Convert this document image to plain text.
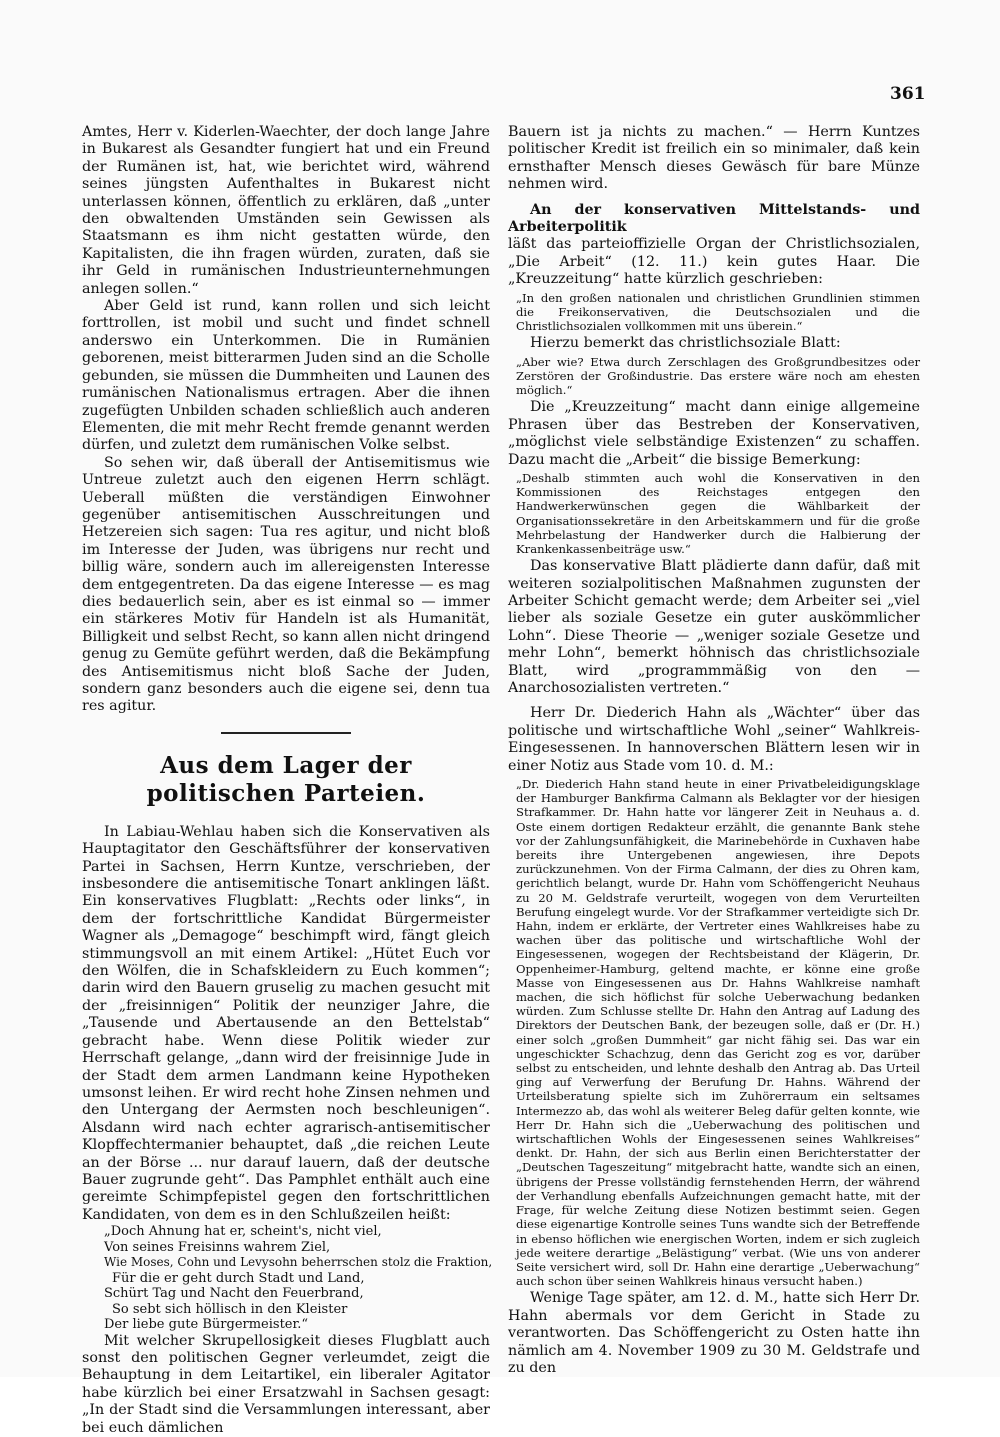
361

Amtes, Herr v. Kiderlen-Waechter, der doch lange Jahre in Bukarest als Gesandter fungiert hat und ein Freund der Rumänen ist, hat, wie berichtet wird, während seines jüngsten Aufenthaltes in Bukarest nicht unterlassen können, öffentlich zu erklären, daß „unter den obwaltenden Umständen sein Gewissen als Staatsmann es ihm nicht gestatten würde, den Kapitalisten, die ihn fragen würden, zuraten, daß sie ihr Geld in rumänischen Industrieunternehmungen anlegen sollen.“

Aber Geld ist rund, kann rollen und sich leicht forttrollen, ist mobil und sucht und findet schnell anderswo ein Unterkommen. Die in Rumänien geborenen, meist bitterarmen Juden sind an die Scholle gebunden, sie müssen die Dummheiten und Launen des rumänischen Nationalismus ertragen. Aber die ihnen zugefügten Unbilden schaden schließlich auch anderen Elementen, die mit mehr Recht fremde genannt werden dürfen, und zuletzt dem rumänischen Volke selbst.

So sehen wir, daß überall der Antisemitismus wie Untreue zuletzt auch den eigenen Herrn schlägt. Ueberall müßten die verständigen Einwohner gegenüber antisemitischen Ausschreitungen und Hetzereien sich sagen: Tua res agitur, und nicht bloß im Interesse der Juden, was übrigens nur recht und billig wäre, sondern auch im allereigensten Interesse dem entgegentreten. Da das eigene Interesse — es mag dies bedauerlich sein, aber es ist einmal so — immer ein stärkeres Motiv für Handeln ist als Humanität, Billigkeit und selbst Recht, so kann allen nicht dringend genug zu Gemüte geführt werden, daß die Bekämpfung des Antisemitismus nicht bloß Sache der Juden, sondern ganz besonders auch die eigene sei, denn tua res agitur.

Aus dem Lager der politischen Parteien.

In Labiau-Wehlau haben sich die Konservativen als Hauptagitator den Geschäftsführer der konservativen Partei in Sachsen, Herrn Kuntze, verschrieben, der insbesondere die antisemitische Tonart anklingen läßt. Ein konservatives Flugblatt: „Rechts oder links“, in dem der fortschrittliche Kandidat Bürgermeister Wagner als „Demagoge“ beschimpft wird, fängt gleich stimmungsvoll an mit einem Artikel: „Hütet Euch vor den Wölfen, die in Schafskleidern zu Euch kommen“; darin wird den Bauern gruselig zu machen gesucht mit der „freisinnigen“ Politik der neunziger Jahre, die „Tausende und Abertausende an den Bettelstab“ gebracht habe. Wenn diese Politik wieder zur Herrschaft gelange, „dann wird der freisinnige Jude in der Stadt dem armen Landmann keine Hypotheken umsonst leihen. Er wird recht hohe Zinsen nehmen und den Untergang der Aermsten noch beschleunigen“. Alsdann wird nach echter agrarisch-antisemitischer Klopffechtermanier behauptet, daß „die reichen Leute an der Börse ... nur darauf lauern, daß der deutsche Bauer zugrunde geht“. Das Pamphlet enthält auch eine gereimte Schimpfepistel gegen den fortschrittlichen Kandidaten, von dem es in den Schlußzeilen heißt:

„Doch Ahnung hat er, scheint's, nicht viel,
Von seines Freisinns wahrem Ziel,
Wie Moses, Cohn und Levysohn beherrschen stolz die Fraktion,
Für die er geht durch Stadt und Land,
Schürt Tag und Nacht den Feuerbrand,
So sebt sich höllisch in den Kleister
Der liebe gute Bürgermeister.“

Mit welcher Skrupellosigkeit dieses Flugblatt auch sonst den politischen Gegner verleumdet, zeigt die Behauptung in dem Leitartikel, ein liberaler Agitator habe kürzlich bei einer Ersatzwahl in Sachsen gesagt: „In der Stadt sind die Versammlungen interessant, aber bei euch dämlichen

Bauern ist ja nichts zu machen.“ — Herrn Kuntzes politischer Kredit ist freilich ein so minimaler, daß kein ernsthafter Mensch dieses Gewäsch für bare Münze nehmen wird.

An der konservativen Mittelstands- und Arbeiterpolitik

läßt das parteioffizielle Organ der Christlichsozialen, „Die Arbeit“ (12. 11.) kein gutes Haar. Die „Kreuzzeitung“ hatte kürzlich geschrieben:

„In den großen nationalen und christlichen Grundlinien stimmen die Freikonservativen, die Deutschsozialen und die Christlichsozialen vollkommen mit uns überein.“

Hierzu bemerkt das christlichsoziale Blatt:

„Aber wie? Etwa durch Zerschlagen des Großgrundbesitzes oder Zerstören der Großindustrie. Das erstere wäre noch am ehesten möglich.“

Die „Kreuzzeitung“ macht dann einige allgemeine Phrasen über das Bestreben der Konservativen, „möglichst viele selbständige Existenzen“ zu schaffen. Dazu macht die „Arbeit“ die bissige Bemerkung:

„Deshalb stimmten auch wohl die Konservativen in den Kommissionen des Reichstages entgegen den Handwerkerwünschen gegen die Wählbarkeit der Organisationssekretäre in den Arbeitskammern und für die große Mehrbelastung der Handwerker durch die Halbierung der Krankenkassenbeiträge usw.“

Das konservative Blatt plädierte dann dafür, daß mit weiteren sozialpolitischen Maßnahmen zugunsten der Arbeiter Schicht gemacht werde; dem Arbeiter sei „viel lieber als soziale Gesetze ein guter auskömmlicher Lohn“. Diese Theorie — „weniger soziale Gesetze und mehr Lohn“, bemerkt höhnisch das christlichsoziale Blatt, wird „programmmäßig von den — Anarchosozialisten vertreten.“

Herr Dr. Diederich Hahn als „Wächter“ über das politische und wirtschaftliche Wohl „seiner“ Wahlkreis-Eingesessenen. In hannoverschen Blättern lesen wir in einer Notiz aus Stade vom 10. d. M.:

„Dr. Diederich Hahn stand heute in einer Privatbeleidigungsklage der Hamburger Bankfirma Calmann als Beklagter vor der hiesigen Strafkammer. Dr. Hahn hatte vor längerer Zeit in Neuhaus a. d. Oste einem dortigen Redakteur erzählt, die genannte Bank stehe vor der Zahlungsunfähigkeit, die Marinebehörde in Cuxhaven habe bereits ihre Untergebenen angewiesen, ihre Depots zurückzunehmen. Von der Firma Calmann, der dies zu Ohren kam, gerichtlich belangt, wurde Dr. Hahn vom Schöffengericht Neuhaus zu 20 M. Geldstrafe verurteilt, wogegen von dem Verurteilten Berufung eingelegt wurde. Vor der Strafkammer verteidigte sich Dr. Hahn, indem er erklärte, der Vertreter eines Wahlkreises habe zu wachen über das politische und wirtschaftliche Wohl der Eingesessenen, wogegen der Rechtsbeistand der Klägerin, Dr. Oppenheimer-Hamburg, geltend machte, er könne eine große Masse von Eingesessenen aus Dr. Hahns Wahlkreise namhaft machen, die sich höflichst für solche Ueberwachung bedanken würden. Zum Schlusse stellte Dr. Hahn den Antrag auf Ladung des Direktors der Deutschen Bank, der bezeugen solle, daß er (Dr. H.) einer solch „großen Dummheit“ gar nicht fähig sei. Das war ein ungeschickter Schachzug, denn das Gericht zog es vor, darüber selbst zu entscheiden, und lehnte deshalb den Antrag ab. Das Urteil ging auf Verwerfung der Berufung Dr. Hahns. Während der Urteilsberatung spielte sich im Zuhörerraum ein seltsames Intermezzo ab, das wohl als weiterer Beleg dafür gelten konnte, wie Herr Dr. Hahn sich die „Ueberwachung des politischen und wirtschaftlichen Wohls der Eingesessenen seines Wahlkreises“ denkt. Dr. Hahn, der sich aus Berlin einen Berichterstatter der „Deutschen Tageszeitung“ mitgebracht hatte, wandte sich an einen, übrigens der Presse vollständig fernstehenden Herrn, der während der Verhandlung ebenfalls Aufzeichnungen gemacht hatte, mit der Frage, für welche Zeitung diese Notizen bestimmt seien. Gegen diese eigenartige Kontrolle seines Tuns wandte sich der Betreffende in ebenso höflichen wie energischen Worten, indem er sich zugleich jede weitere derartige „Belästigung“ verbat. (Wie uns von anderer Seite versichert wird, soll Dr. Hahn eine derartige „Ueberwachung“ auch schon über seinen Wahlkreis hinaus versucht haben.)

Wenige Tage später, am 12. d. M., hatte sich Herr Dr. Hahn abermals vor dem Gericht in Stade zu verantworten. Das Schöffengericht zu Osten hatte ihn nämlich am 4. November 1909 zu 30 M. Geldstrafe und zu den
